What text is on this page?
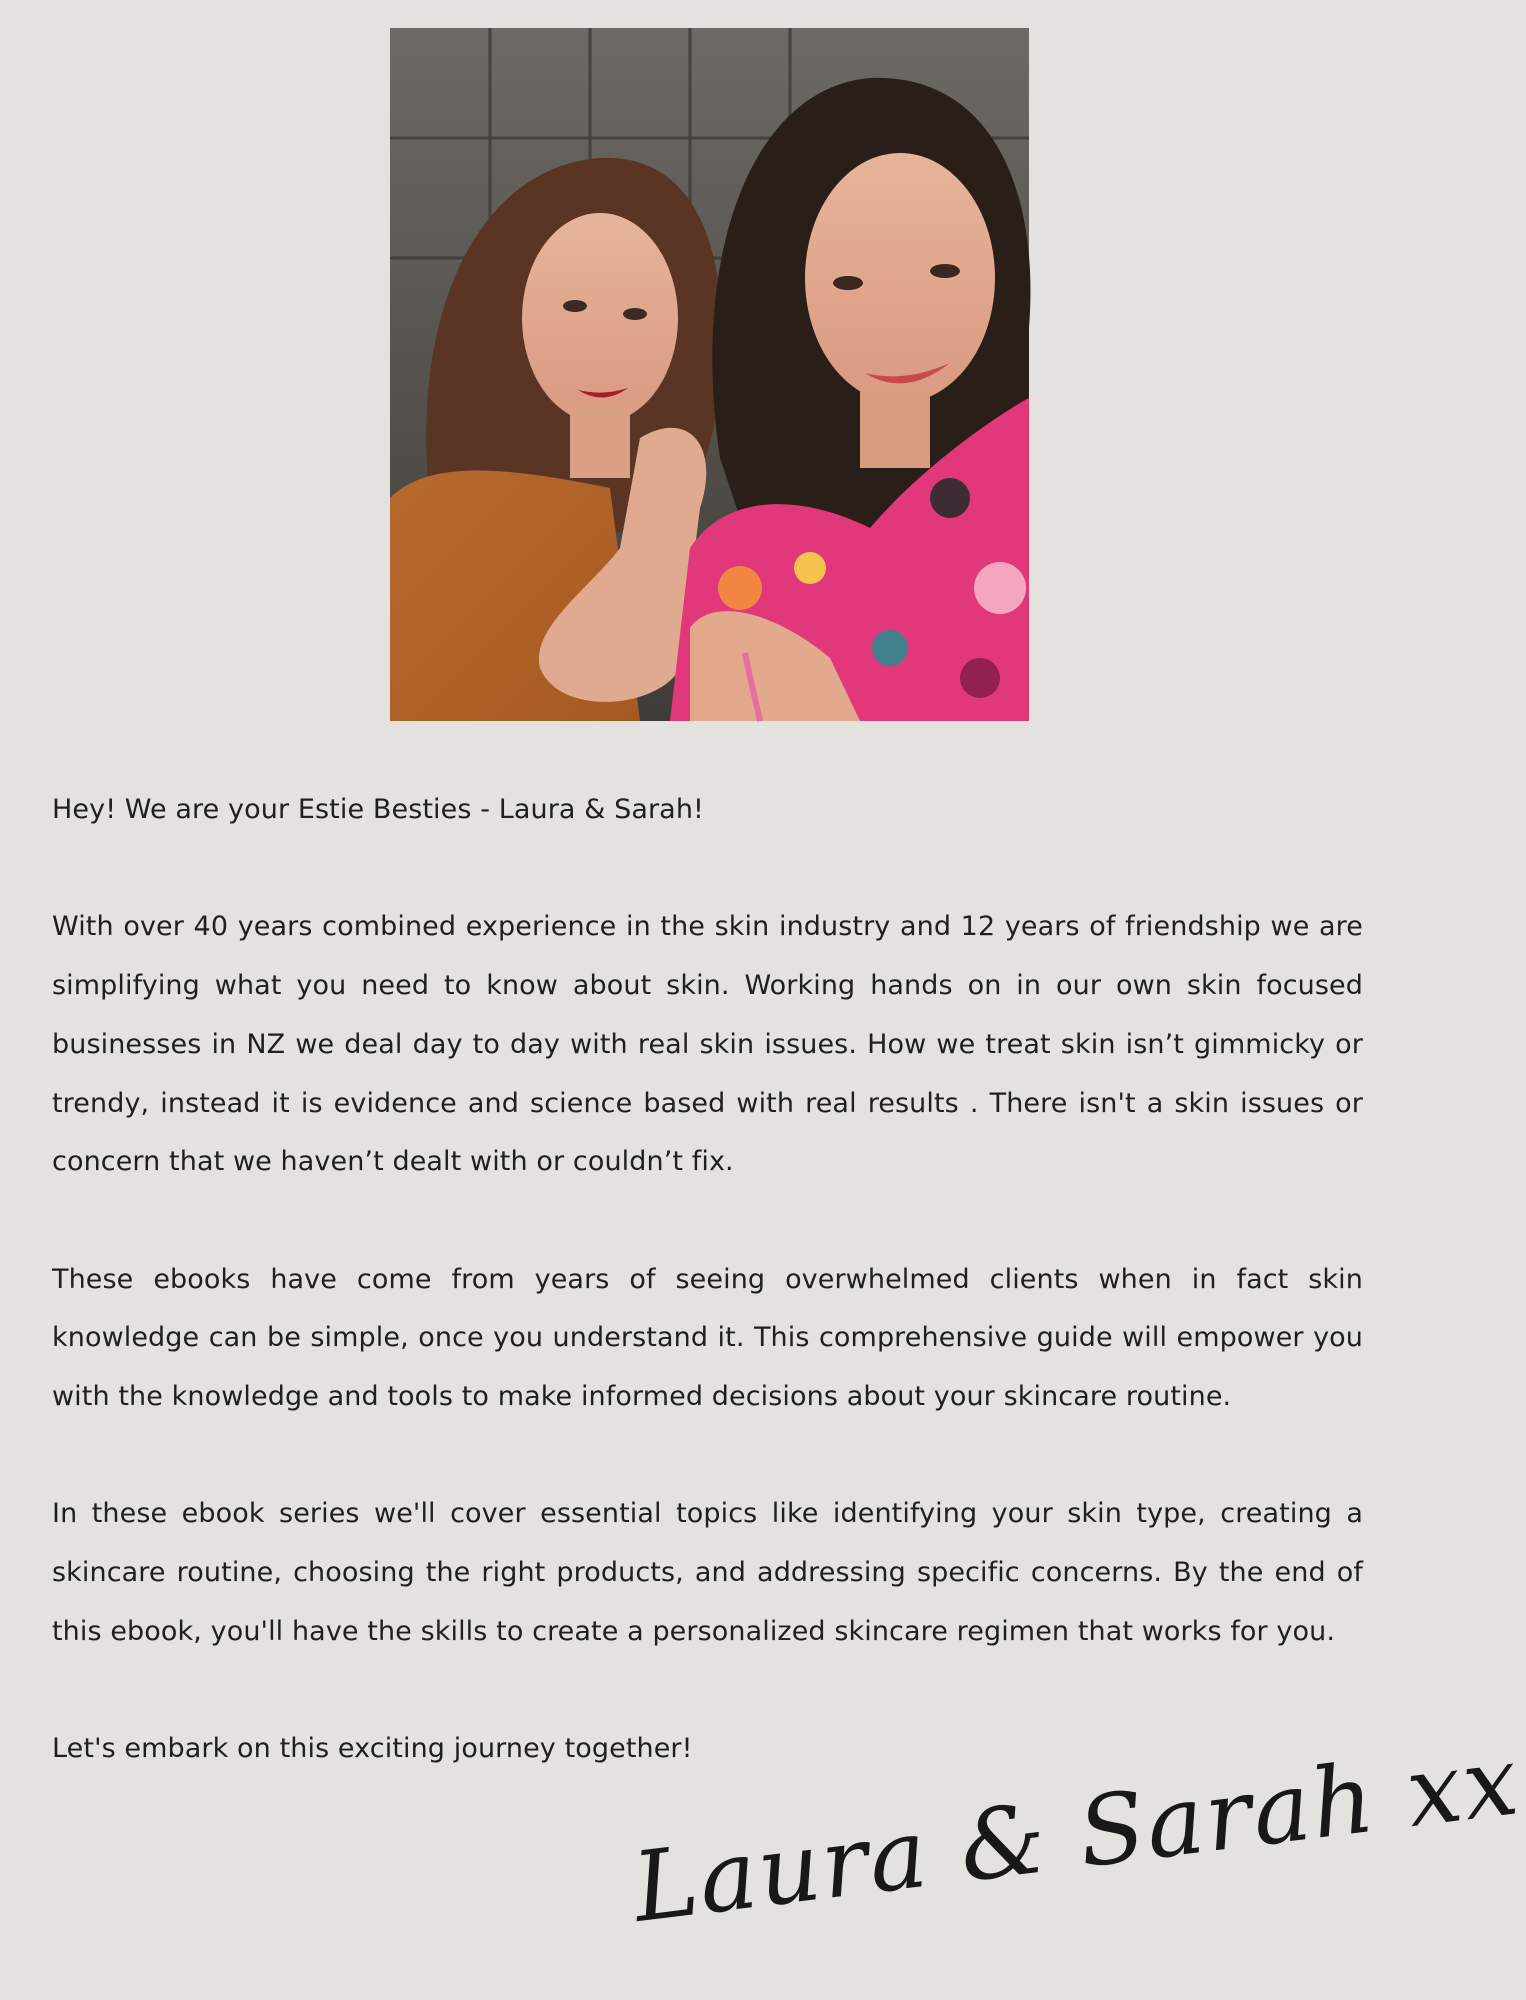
Hey! We are your Estie Besties - Laura & Sarah!

With over 40 years combined experience in the skin industry and 12 years of friendship we are simplifying what you need to know about skin. Working hands on in our own skin focused businesses in NZ we deal day to day with real skin issues. How we treat skin isn’t gimmicky or trendy, instead it is evidence and science based with real results . There isn't a skin issues or concern that we haven’t dealt with or couldn’t fix.

These ebooks have come from years of seeing overwhelmed clients when in fact skin knowledge can be simple, once you understand it. This comprehensive guide will empower you with the knowledge and tools to make informed decisions about your skincare routine.

In these ebook series we'll cover essential topics like identifying your skin type, creating a skincare routine, choosing the right products, and addressing specific concerns. By the end of this ebook, you'll have the skills to create a personalized skincare regimen that works for you.

Let's embark on this exciting journey together!

Laura & Sarah xx
